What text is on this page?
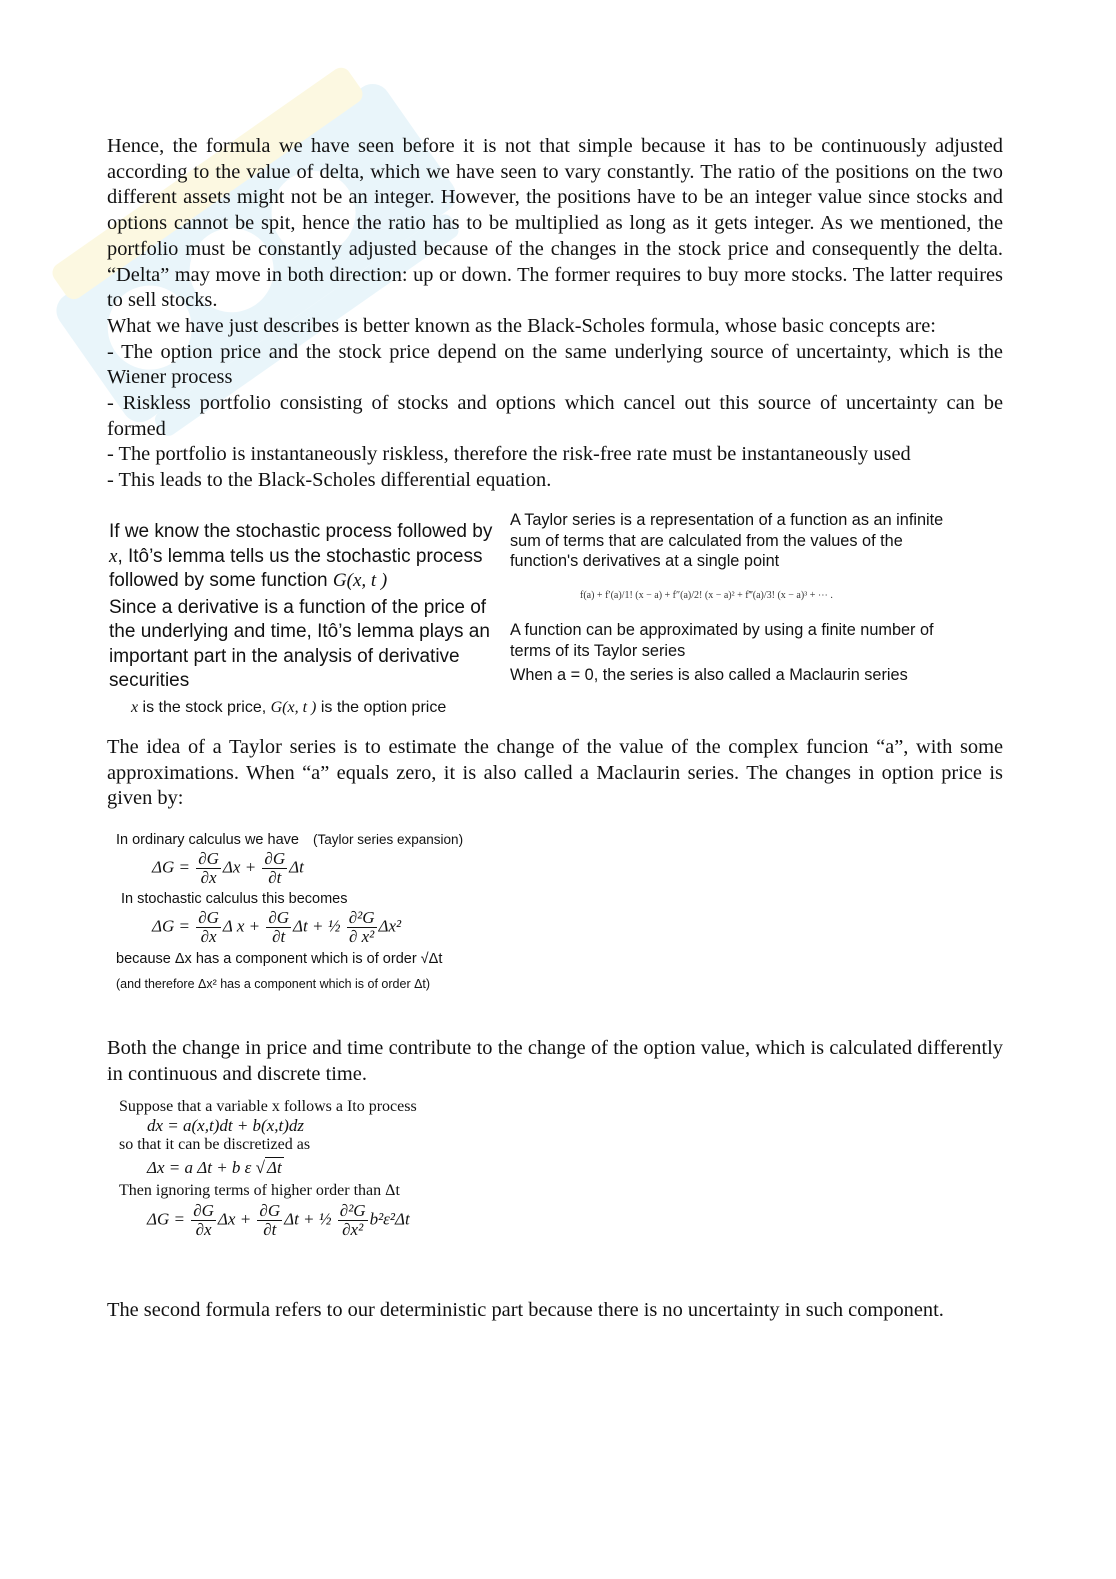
Hence, the formula we have seen before it is not that simple because it has to be continuously adjusted according to the value of delta, which we have seen to vary constantly. The ratio of the positions on the two different assets might not be an integer. However, the positions have to be an integer value since stocks and options cannot be spit, hence the ratio has to be multiplied as long as it gets integer. As we mentioned, the portfolio must be constantly adjusted because of the changes in the stock price and consequently the delta. “Delta” may move in both direction: up or down. The former requires to buy more stocks. The latter requires to sell stocks.

What we have just describes is better known as the Black-Scholes formula, whose basic concepts are:

- The option price and the stock price depend on the same underlying source of uncertainty, which is the Wiener process

- Riskless portfolio consisting of stocks and options which cancel out this source of uncertainty can be formed

- The portfolio is instantaneously riskless, therefore the risk-free rate must be instantaneously used

- This leads to the Black-Scholes differential equation.

If we know the stochastic process followed by x, Itô’s lemma tells us the stochastic process followed by some function G(x, t )

Since a derivative is a function of the price of the underlying and time, Itô’s lemma plays an important part in the analysis of derivative securities

x is the stock price, G(x, t ) is the option price

A Taylor series is a representation of a function as an infinite sum of terms that are calculated from the values of the function's derivatives at a single point

f(a) + f′(a)/1! (x − a) + f″(a)/2! (x − a)² + f‴(a)/3! (x − a)³ + ⋯ .

A function can be approximated by using a finite number of terms of its Taylor series

When a = 0, the series is also called a Maclaurin series

The idea of a Taylor series is to estimate the change of the value of the complex funcion “a”, with some approximations. When “a” equals zero, it is also called a Maclaurin series. The changes in option price is given by:
In ordinary calculus we have (Taylor series expansion)
$\Delta G = \frac{\partial G}{\partial x}$ $\Delta x + \frac{\partial G}{\partial t}$ Δt
In stochastic calculus this becomes
$\Delta G = \frac{\partial G}{\partial x}$ Δ $x + \frac{\partial G}{\partial t}$ Δt + ½ $\frac{\text{∂²G}}{\text{∂ x²}} \Delta x^2$
because Δx has a component which is of order √Δt
(and therefore Δx² has a component which is of order Δt)
Both the change in price and time contribute to the change of the option value, which is calculated differently in continuous and discrete time.
Suppose that a variable x follows a Ito process
dx = a(x,t)dt + b(x,t)dz
so that it can be discretized as
Δx = a Δt + b ε √ Δt
Then ignoring terms of higher order than Δt
$\Delta G = \frac{\partial G}{\partial x}$ $\Delta x + \frac{\partial G}{\partial t}$ Δt + ½ $\frac{\text{∂²G}}{\text{∂x²}} b^2\varepsilon^2\Delta t$
The second formula refers to our deterministic part because there is no uncertainty in such component.
